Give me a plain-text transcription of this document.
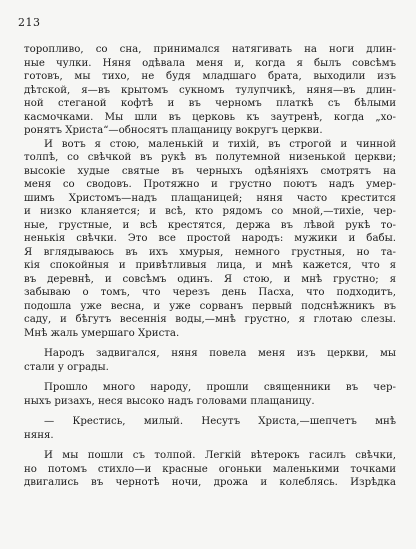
213
торопливо, со сна, принимался натягивать на ноги длин-
ные чулки. Няня одѣвала меня и, когда я былъ совсѣмъ
готовъ, мы тихо, не будя младшаго брата, выходили изъ
дѣтской, я—въ крытомъ сукномъ тулупчикѣ, няня—въ длин-
ной стеганой кофтѣ и въ черномъ платкѣ съ бѣлыми
касмочками. Мы шли въ церковь къ заутренѣ, когда „хо-
ронятъ Христа“—обносятъ плащаницу вокругъ церкви.
И вотъ я стою, маленькій и тихій, въ строгой и чинной
толпѣ, со свѣчкой въ рукѣ въ полутемной низенькой церкви;
высокіе худые святые въ черныхъ одѣяніяхъ смотрятъ на
меня со сводовъ. Протяжно и грустно поютъ надъ умер-
шимъ Христомъ—надъ плащаницей; няня часто крестится
и низко кланяется; и всѣ, кто рядомъ со мной,—тихіе, чер-
ные, грустные, и всѣ крестятся, держа въ лѣвой рукѣ то-
ненькія свѣчки. Это все простой народъ: мужики и бабы.
Я вглядываюсь въ ихъ хмурыя, немного грустныя, но та-
кія спокойныя и привѣтливыя лица, и мнѣ кажется, что я
въ деревнѣ, и совсѣмъ одинъ. Я стою, и мнѣ грустно; я
забываю о томъ, что черезъ день Пасха, что подходитъ,
подошла уже весна, и уже сорванъ первый подснѣжникъ въ
саду, и бѣгутъ весеннія воды,—мнѣ грустно, я глотаю слезы.
Мнѣ жаль умершаго Христа.
Народъ задвигался, няня повела меня изъ церкви, мы
стали у ограды.
Прошло много народу, прошли священники въ чер-
ныхъ ризахъ, неся высоко надъ головами плащаницу.
— Крестись, милый. Несутъ Христа,—шепчетъ мнѣ
няня.
И мы пошли съ толпой. Легкій вѣтерокъ гасилъ свѣчки,
но потомъ стихло—и красные огоньки маленькими точками
двигались въ чернотѣ ночи, дрожа и колеблясь. Изрѣдка
